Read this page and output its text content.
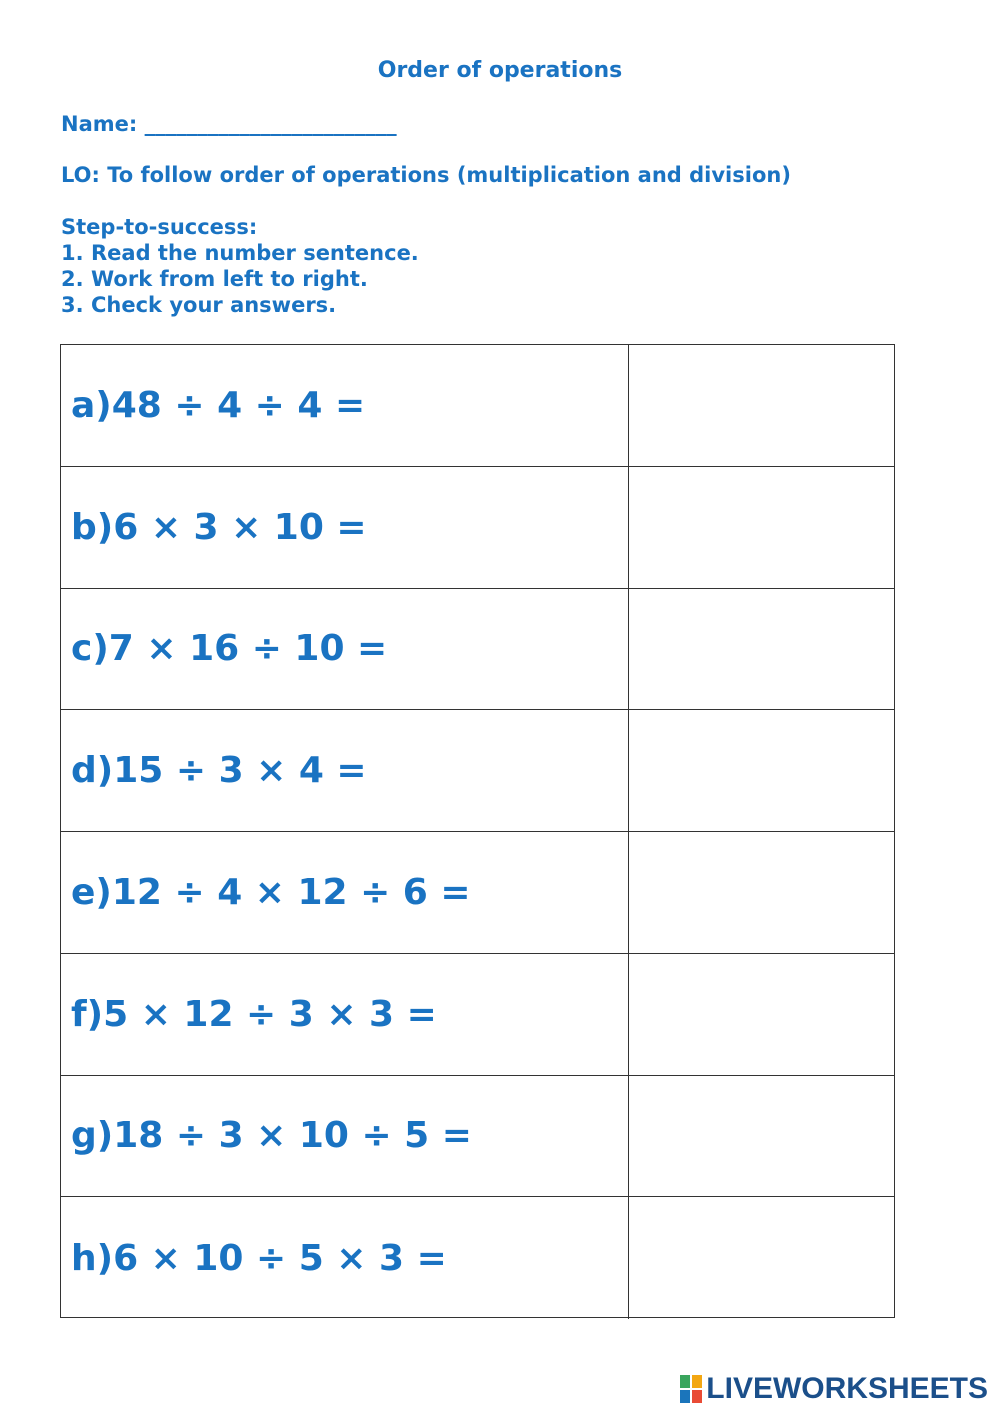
Order of operations
Name: ________________________
LO: To follow order of operations (multiplication and division)
Step-to-success:
1. Read the number sentence.
2. Work from left to right.
3. Check your answers.
a) 48 ÷ 4 ÷ 4 =
b) 6 × 3 × 10 =
c) 7 × 16 ÷ 10 =
d) 15 ÷ 3 × 4 =
e) 12 ÷ 4 × 12 ÷ 6 =
f) 5 × 12 ÷ 3 × 3 =
g) 18 ÷ 3 × 10 ÷ 5 =
h) 6 × 10 ÷ 5 × 3 =
LIVEWORKSHEETS
